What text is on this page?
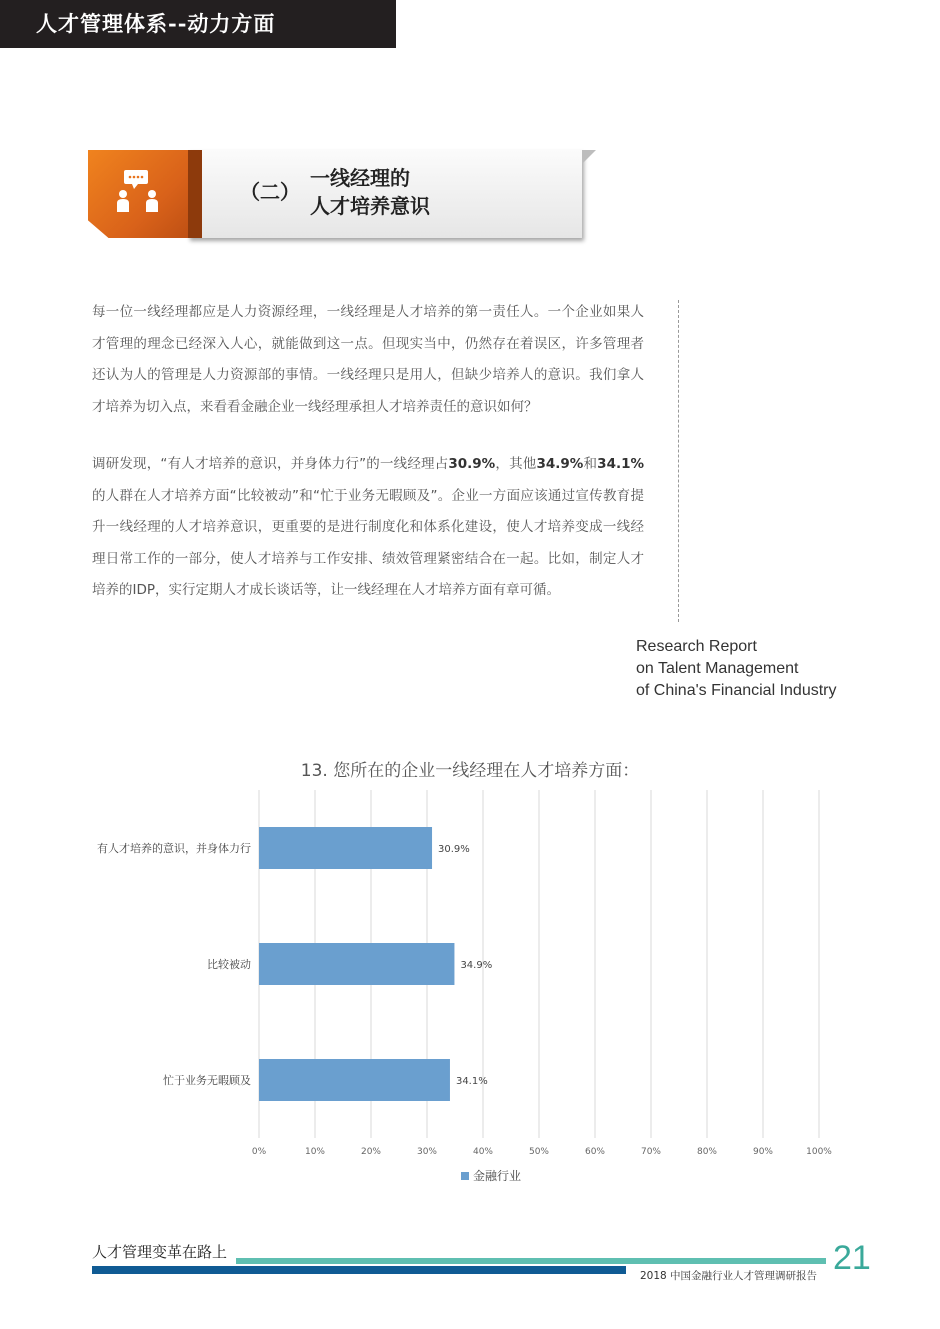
人才管理体系--动力方面
（二）
一线经理的
人才培养意识
每一位一线经理都应是人力资源经理，一线经理是人才培养的第一责任人。一个企业如果人才管理的理念已经深入人心，就能做到这一点。但现实当中，仍然存在着误区，许多管理者还认为人的管理是人力资源部的事情。一线经理只是用人，但缺少培养人的意识。我们拿人才培养为切入点，来看看金融企业一线经理承担人才培养责任的意识如何？
调研发现，“有人才培养的意识，并身体力行”的一线经理占30.9%，其他34.9%和34.1%的人群在人才培养方面“比较被动”和“忙于业务无暇顾及”。企业一方面应该通过宣传教育提升一线经理的人才培养意识，更重要的是进行制度化和体系化建设，使人才培养变成一线经理日常工作的一部分，使人才培养与工作安排、绩效管理紧密结合在一起。比如，制定人才培养的IDP，实行定期人才成长谈话等，让一线经理在人才培养方面有章可循。
Research Report
on Talent Management
of China's Financial Industry
13. 您所在的企业一线经理在人才培养方面：
30.9%
34.9%
34.1%
有人才培养的意识，并身体力行
比较被动
忙于业务无暇顾及
0%	10%	20%	30%	40%	50%	60%	70%	80%	90%	100%
金融行业
人才管理变革在路上
2018 中国金融行业人才管理调研报告 21
